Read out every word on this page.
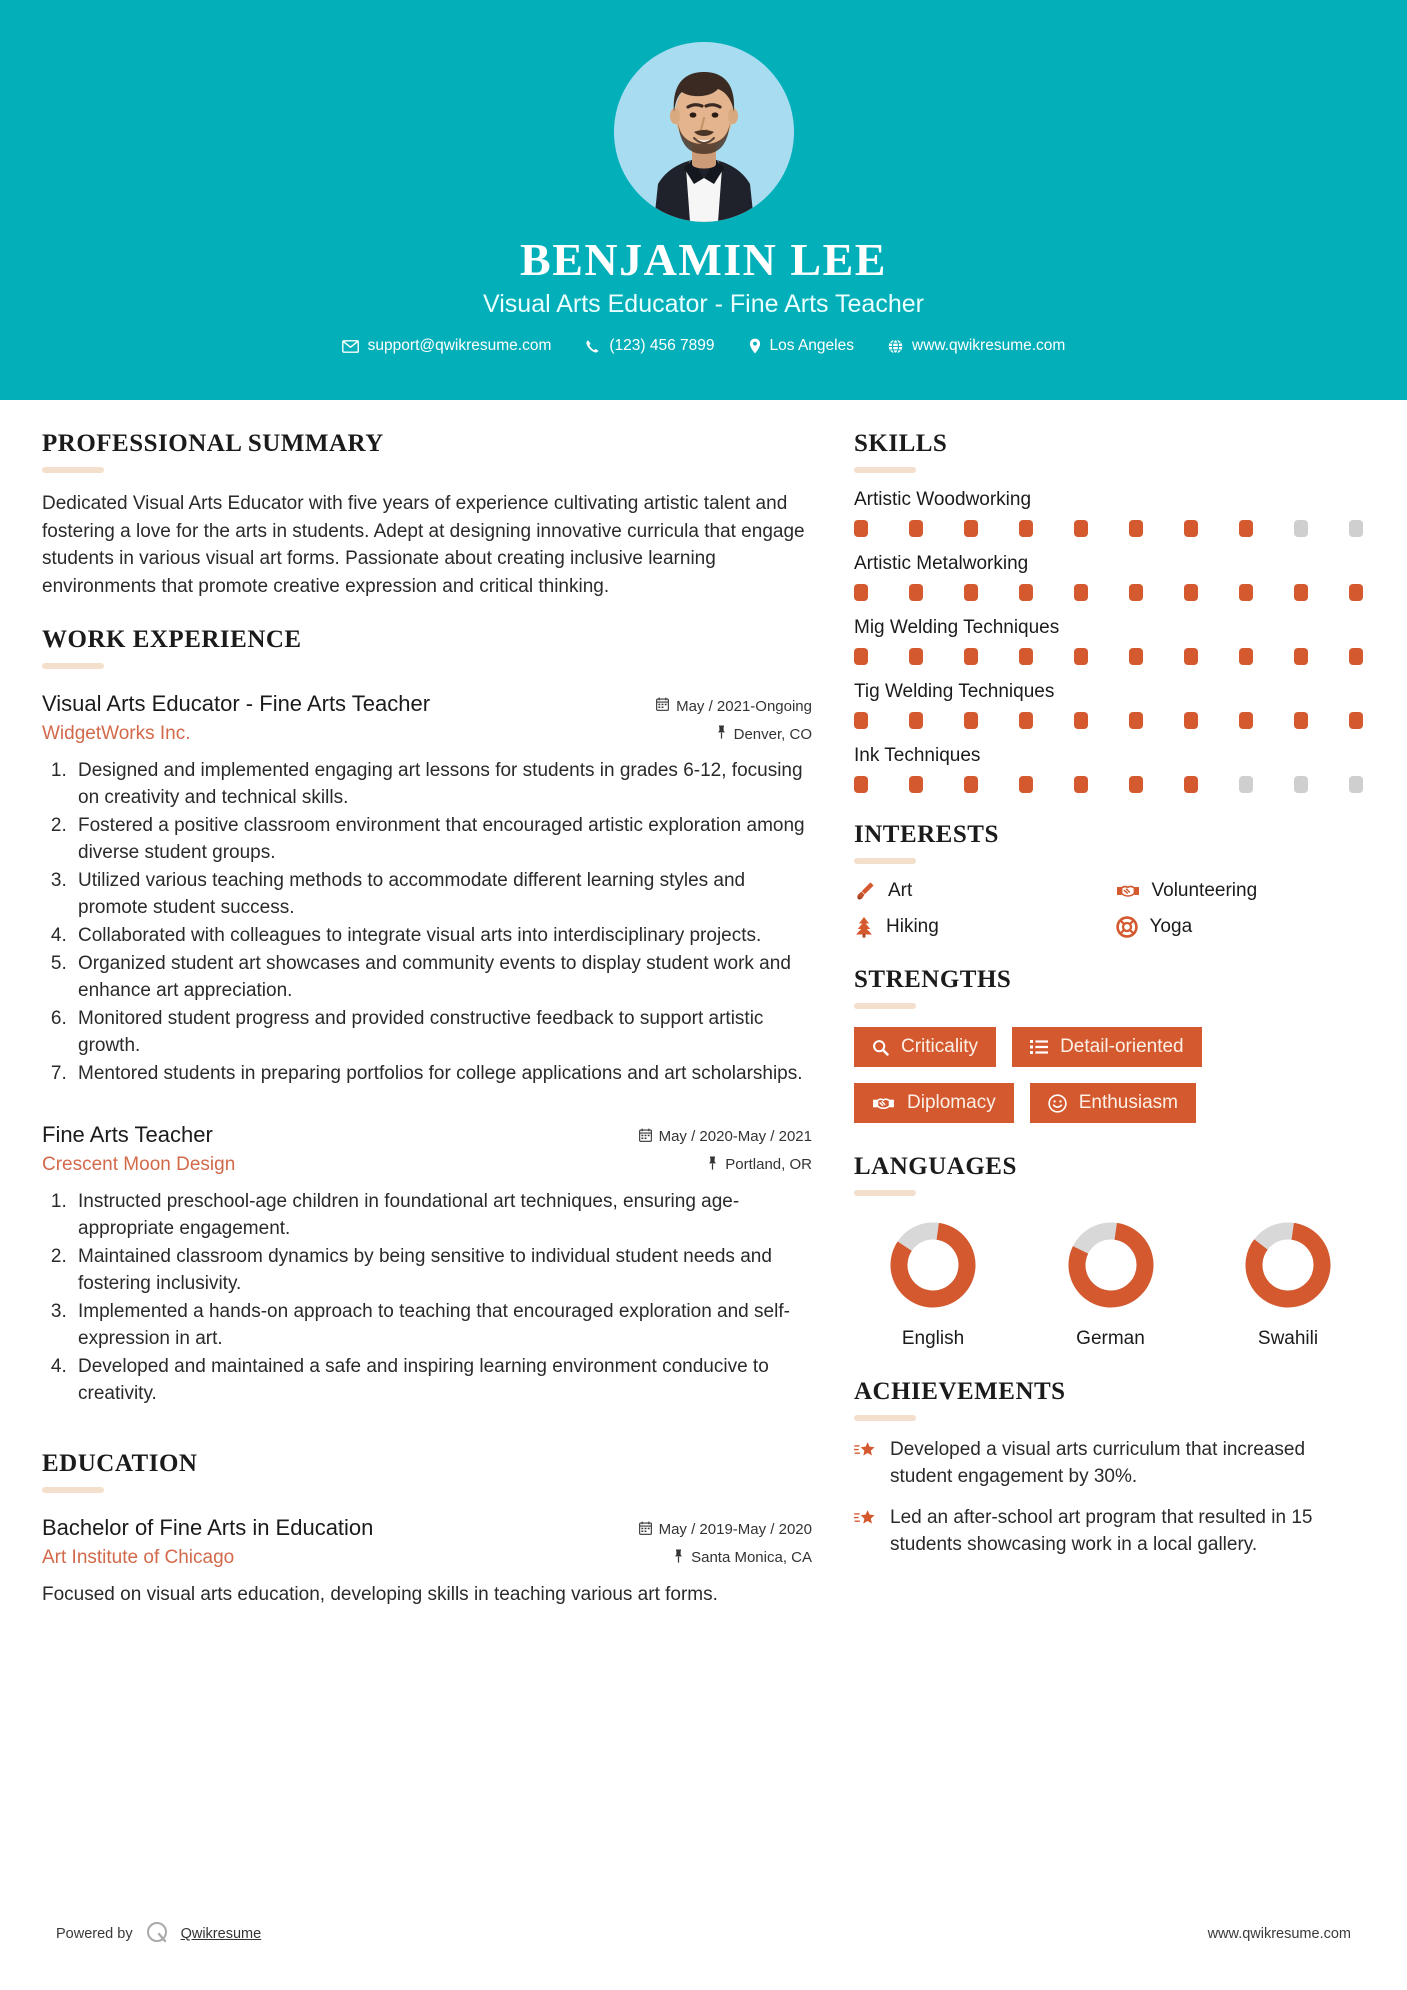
BENJAMIN LEE
Visual Arts Educator - Fine Arts Teacher
support@qwikresume.com	(123) 456 7899	Los Angeles	www.qwikresume.com
PROFESSIONAL SUMMARY
Dedicated Visual Arts Educator with five years of experience cultivating artistic talent and fostering a love for the arts in students. Adept at designing innovative curricula that engage students in various visual art forms. Passionate about creating inclusive learning environments that promote creative expression and critical thinking.
WORK EXPERIENCE
Visual Arts Educator - Fine Arts Teacher	May / 2021-Ongoing
WidgetWorks Inc.	Denver, CO
1. Designed and implemented engaging art lessons for students in grades 6-12, focusing on creativity and technical skills.
2. Fostered a positive classroom environment that encouraged artistic exploration among diverse student groups.
3. Utilized various teaching methods to accommodate different learning styles and promote student success.
4. Collaborated with colleagues to integrate visual arts into interdisciplinary projects.
5. Organized student art showcases and community events to display student work and enhance art appreciation.
6. Monitored student progress and provided constructive feedback to support artistic growth.
7. Mentored students in preparing portfolios for college applications and art scholarships.
Fine Arts Teacher	May / 2020-May / 2021
Crescent Moon Design	Portland, OR
1. Instructed preschool-age children in foundational art techniques, ensuring age-appropriate engagement.
2. Maintained classroom dynamics by being sensitive to individual student needs and fostering inclusivity.
3. Implemented a hands-on approach to teaching that encouraged exploration and self-expression in art.
4. Developed and maintained a safe and inspiring learning environment conducive to creativity.
EDUCATION
Bachelor of Fine Arts in Education	May / 2019-May / 2020
Art Institute of Chicago	Santa Monica, CA
Focused on visual arts education, developing skills in teaching various art forms.
SKILLS
Artistic Woodworking
Artistic Metalworking
Mig Welding Techniques
Tig Welding Techniques
Ink Techniques
INTERESTS
Art	Volunteering
Hiking	Yoga
STRENGTHS
Criticality	Detail-oriented
Diplomacy	Enthusiasm
LANGUAGES
English	German	Swahili
ACHIEVEMENTS
Developed a visual arts curriculum that increased student engagement by 30%.
Led an after-school art program that resulted in 15 students showcasing work in a local gallery.
Powered by	Qwikresume	www.qwikresume.com
